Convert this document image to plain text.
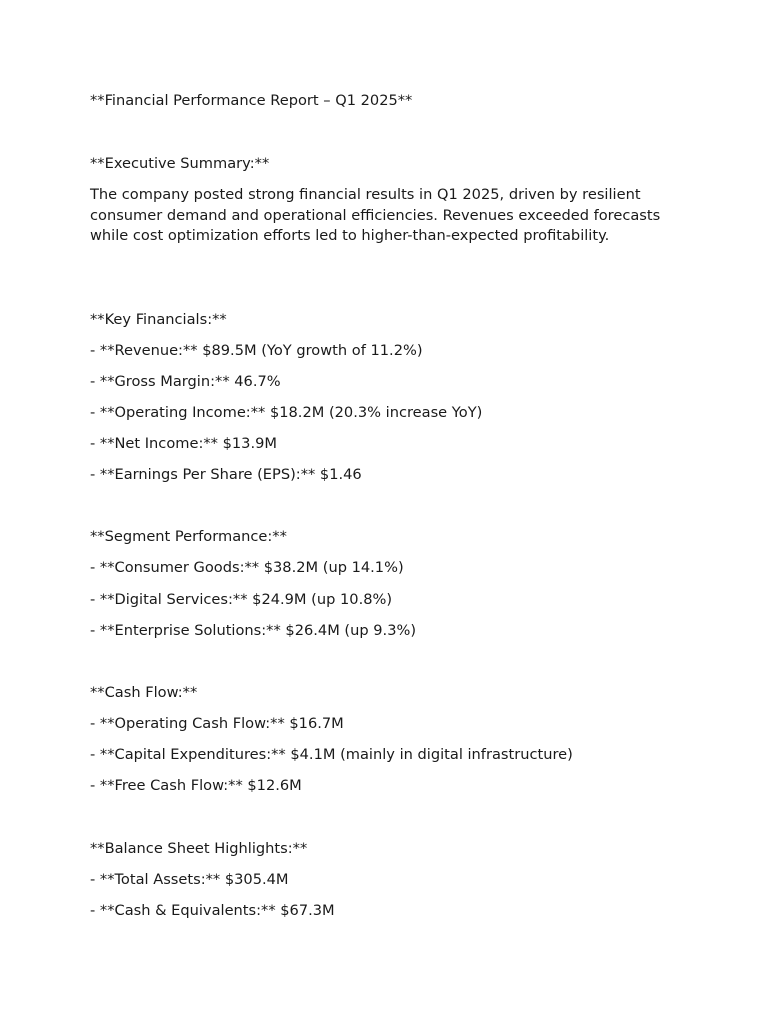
**Financial Performance Report – Q1 2025**
**Executive Summary:**
The company posted strong financial results in Q1 2025, driven by resilient consumer demand and operational efficiencies. Revenues exceeded forecasts while cost optimization efforts led to higher-than-expected profitability.
**Key Financials:**
- **Revenue:** $89.5M (YoY growth of 11.2%)
- **Gross Margin:** 46.7%
- **Operating Income:** $18.2M (20.3% increase YoY)
- **Net Income:** $13.9M
- **Earnings Per Share (EPS):** $1.46
**Segment Performance:**
- **Consumer Goods:** $38.2M (up 14.1%)
- **Digital Services:** $24.9M (up 10.8%)
- **Enterprise Solutions:** $26.4M (up 9.3%)
**Cash Flow:**
- **Operating Cash Flow:** $16.7M
- **Capital Expenditures:** $4.1M (mainly in digital infrastructure)
- **Free Cash Flow:** $12.6M
**Balance Sheet Highlights:**
- **Total Assets:** $305.4M
- **Cash & Equivalents:** $67.3M
